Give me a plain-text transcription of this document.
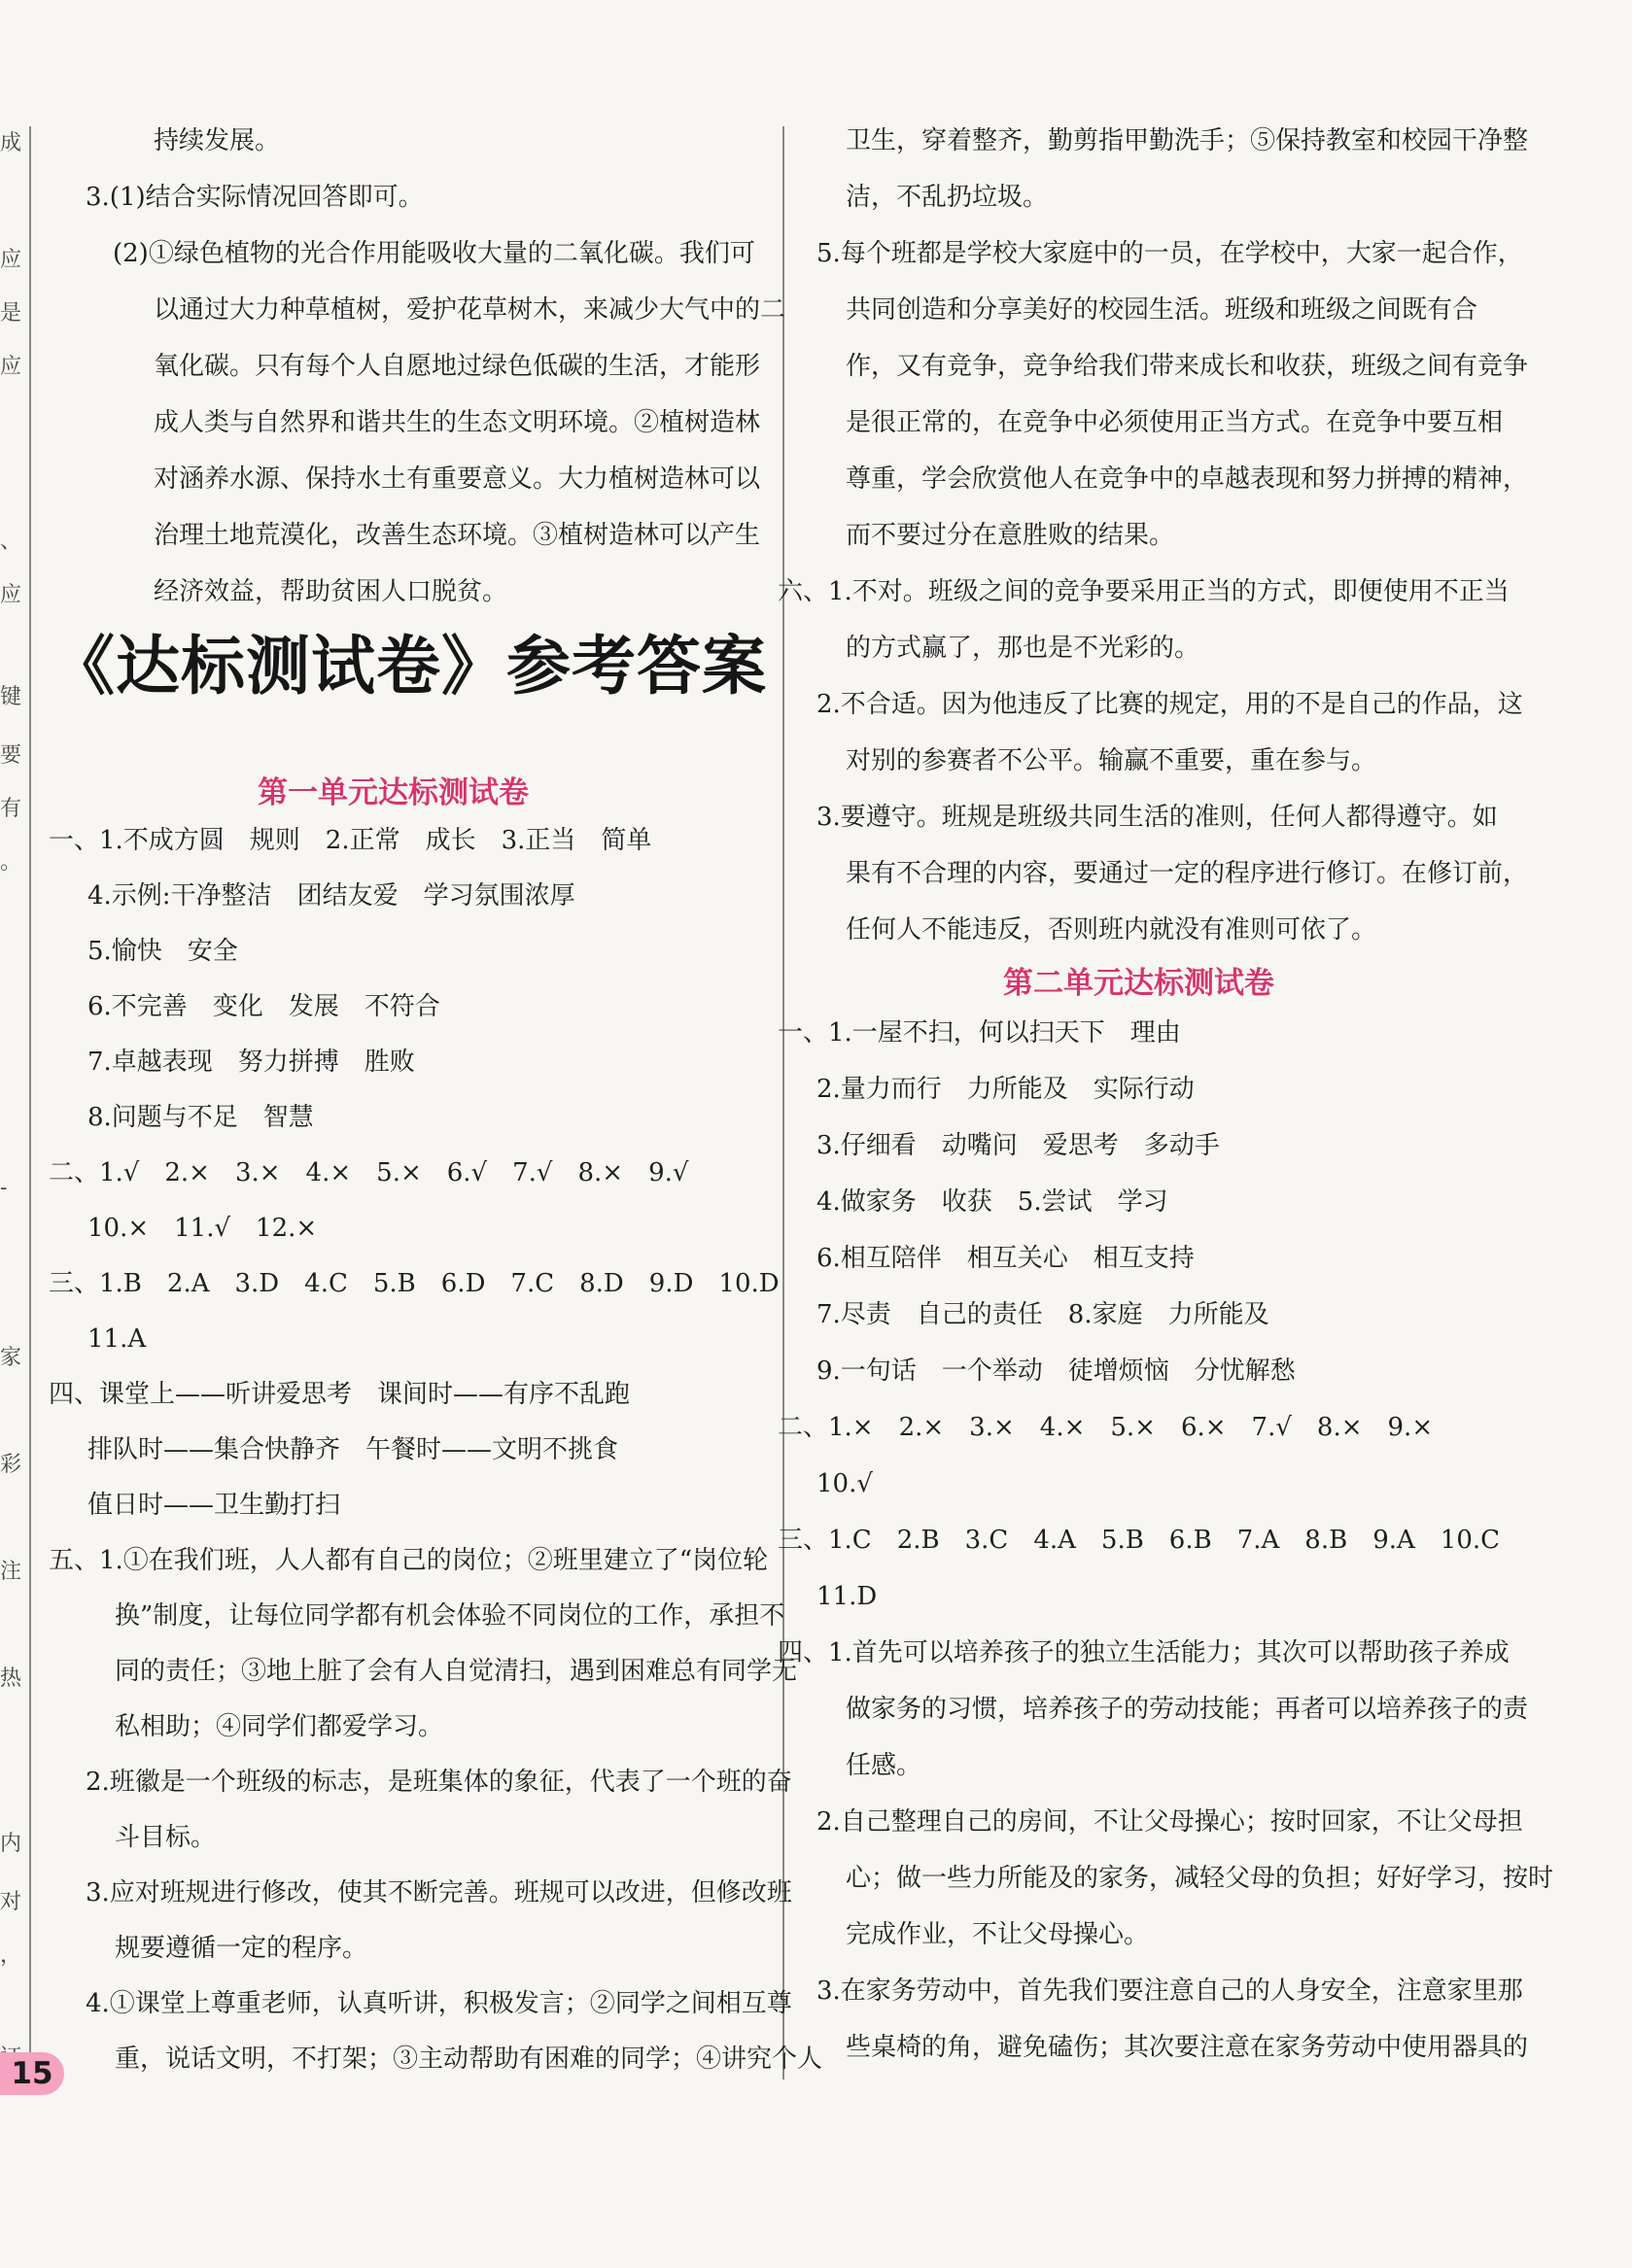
成
应
是
应
、
应
键
要
有
。
-
家
彩
注
热
内
对
，
持续发展。
3.(1)结合实际情况回答即可。
(2)①绿色植物的光合作用能吸收大量的二氧化碳。我们可
以通过大力种草植树，爱护花草树木，来减少大气中的二
氧化碳。只有每个人自愿地过绿色低碳的生活，才能形
成人类与自然界和谐共生的生态文明环境。②植树造林
对涵养水源、保持水土有重要意义。大力植树造林可以
治理土地荒漠化，改善生态环境。③植树造林可以产生
经济效益，帮助贫困人口脱贫。
《达标测试卷》参考答案
第一单元达标测试卷
一、1.不成方圆　规则　2.正常　成长　3.正当　简单
4.示例:干净整洁　团结友爱　学习氛围浓厚
5.愉快　安全
6.不完善　变化　发展　不符合
7.卓越表现　努力拼搏　胜败
8.问题与不足　智慧
二、1.√　2.×　3.×　4.×　5.×　6.√　7.√　8.×　9.√
10.×　11.√　12.×
三、1.B　2.A　3.D　4.C　5.B　6.D　7.C　8.D　9.D　10.D
11.A
四、课堂上——听讲爱思考　课间时——有序不乱跑
排队时——集合快静齐　午餐时——文明不挑食
值日时——卫生勤打扫
五、1.①在我们班，人人都有自己的岗位；②班里建立了“岗位轮
换”制度，让每位同学都有机会体验不同岗位的工作，承担不
同的责任；③地上脏了会有人自觉清扫，遇到困难总有同学无
私相助；④同学们都爱学习。
2.班徽是一个班级的标志，是班集体的象征，代表了一个班的奋
斗目标。
3.应对班规进行修改，使其不断完善。班规可以改进，但修改班
规要遵循一定的程序。
4.①课堂上尊重老师，认真听讲，积极发言；②同学之间相互尊
重，说话文明，不打架；③主动帮助有困难的同学；④讲究个人
卫生，穿着整齐，勤剪指甲勤洗手；⑤保持教室和校园干净整
洁，不乱扔垃圾。
5.每个班都是学校大家庭中的一员，在学校中，大家一起合作，
共同创造和分享美好的校园生活。班级和班级之间既有合
作，又有竞争，竞争给我们带来成长和收获，班级之间有竞争
是很正常的，在竞争中必须使用正当方式。在竞争中要互相
尊重，学会欣赏他人在竞争中的卓越表现和努力拼搏的精神，
而不要过分在意胜败的结果。
六、1.不对。班级之间的竞争要采用正当的方式，即便使用不正当
的方式赢了，那也是不光彩的。
2.不合适。因为他违反了比赛的规定，用的不是自己的作品，这
对别的参赛者不公平。输赢不重要，重在参与。
3.要遵守。班规是班级共同生活的准则，任何人都得遵守。如
果有不合理的内容，要通过一定的程序进行修订。在修订前，
任何人不能违反，否则班内就没有准则可依了。
第二单元达标测试卷
一、1.一屋不扫，何以扫天下　理由
2.量力而行　力所能及　实际行动
3.仔细看　动嘴问　爱思考　多动手
4.做家务　收获　5.尝试　学习
6.相互陪伴　相互关心　相互支持
7.尽责　自己的责任　8.家庭　力所能及
9.一句话　一个举动　徒增烦恼　分忧解愁
二、1.×　2.×　3.×　4.×　5.×　6.×　7.√　8.×　9.×
10.√
三、1.C　2.B　3.C　4.A　5.B　6.B　7.A　8.B　9.A　10.C
11.D
四、1.首先可以培养孩子的独立生活能力；其次可以帮助孩子养成
做家务的习惯，培养孩子的劳动技能；再者可以培养孩子的责
任感。
2.自己整理自己的房间，不让父母操心；按时回家，不让父母担
心；做一些力所能及的家务，减轻父母的负担；好好学习，按时
完成作业，不让父母操心。
3.在家务劳动中，首先我们要注意自己的人身安全，注意家里那
些桌椅的角，避免磕伤；其次要注意在家务劳动中使用器具的
15
